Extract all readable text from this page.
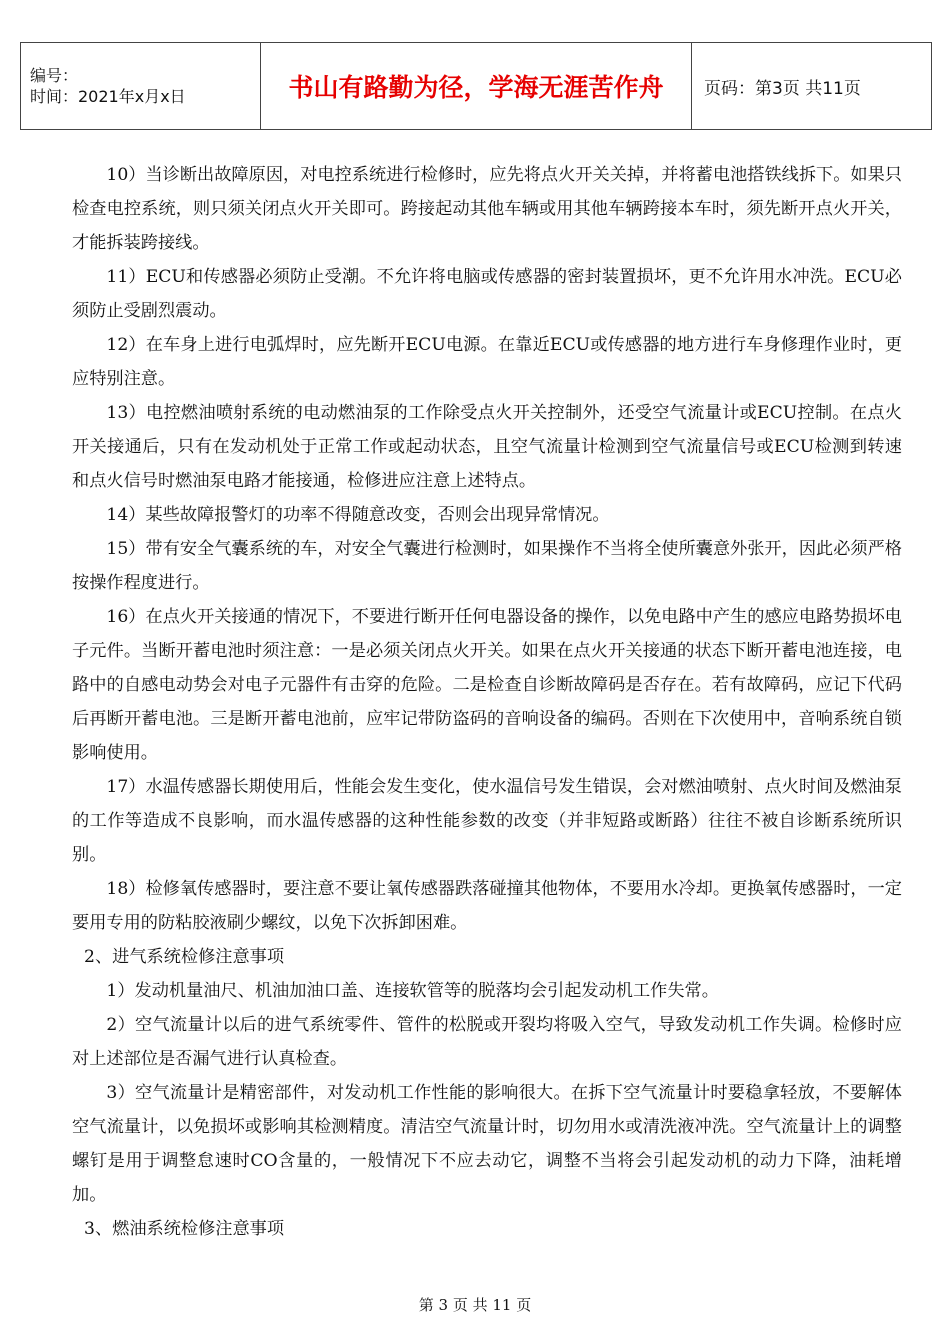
编号：
时间：2021年x月x日	书山有路勤为径，学海无涯苦作舟	页码：第3页 共11页

10）当诊断出故障原因，对电控系统进行检修时，应先将点火开关关掉，并将蓄电池搭铁线拆下。如果只检查电控系统，则只须关闭点火开关即可。跨接起动其他车辆或用其他车辆跨接本车时，须先断开点火开关，才能拆装跨接线。

11）ECU和传感器必须防止受潮。不允许将电脑或传感器的密封装置损坏，更不允许用水冲洗。ECU必须防止受剧烈震动。

12）在车身上进行电弧焊时，应先断开ECU电源。在靠近ECU或传感器的地方进行车身修理作业时，更应特别注意。

13）电控燃油喷射系统的电动燃油泵的工作除受点火开关控制外，还受空气流量计或ECU控制。在点火开关接通后，只有在发动机处于正常工作或起动状态，且空气流量计检测到空气流量信号或ECU检测到转速和点火信号时燃油泵电路才能接通，检修进应注意上述特点。

14）某些故障报警灯的功率不得随意改变，否则会出现异常情况。

15）带有安全气囊系统的车，对安全气囊进行检测时，如果操作不当将全使所囊意外张开，因此必须严格按操作程度进行。

16）在点火开关接通的情况下，不要进行断开任何电器设备的操作，以免电路中产生的感应电路势损坏电子元件。当断开蓄电池时须注意：一是必须关闭点火开关。如果在点火开关接通的状态下断开蓄电池连接，电路中的自感电动势会对电子元器件有击穿的危险。二是检查自诊断故障码是否存在。若有故障码，应记下代码后再断开蓄电池。三是断开蓄电池前，应牢记带防盗码的音响设备的编码。否则在下次使用中，音响系统自锁影响使用。

17）水温传感器长期使用后，性能会发生变化，使水温信号发生错误，会对燃油喷射、点火时间及燃油泵的工作等造成不良影响，而水温传感器的这种性能参数的改变（并非短路或断路）往往不被自诊断系统所识别。

18）检修氧传感器时，要注意不要让氧传感器跌落碰撞其他物体，不要用水冷却。更换氧传感器时，一定要用专用的防粘胶液刷少螺纹，以免下次拆卸困难。

2、进气系统检修注意事项

1）发动机量油尺、机油加油口盖、连接软管等的脱落均会引起发动机工作失常。

2）空气流量计以后的进气系统零件、管件的松脱或开裂均将吸入空气，导致发动机工作失调。检修时应对上述部位是否漏气进行认真检查。

3）空气流量计是精密部件，对发动机工作性能的影响很大。在拆下空气流量计时要稳拿轻放，不要解体空气流量计，以免损坏或影响其检测精度。清洁空气流量计时，切勿用水或清洗液冲洗。空气流量计上的调整螺钉是用于调整怠速时CO含量的，一般情况下不应去动它，调整不当将会引起发动机的动力下降，油耗增加。

3、燃油系统检修注意事项

第 3 页 共 11 页
